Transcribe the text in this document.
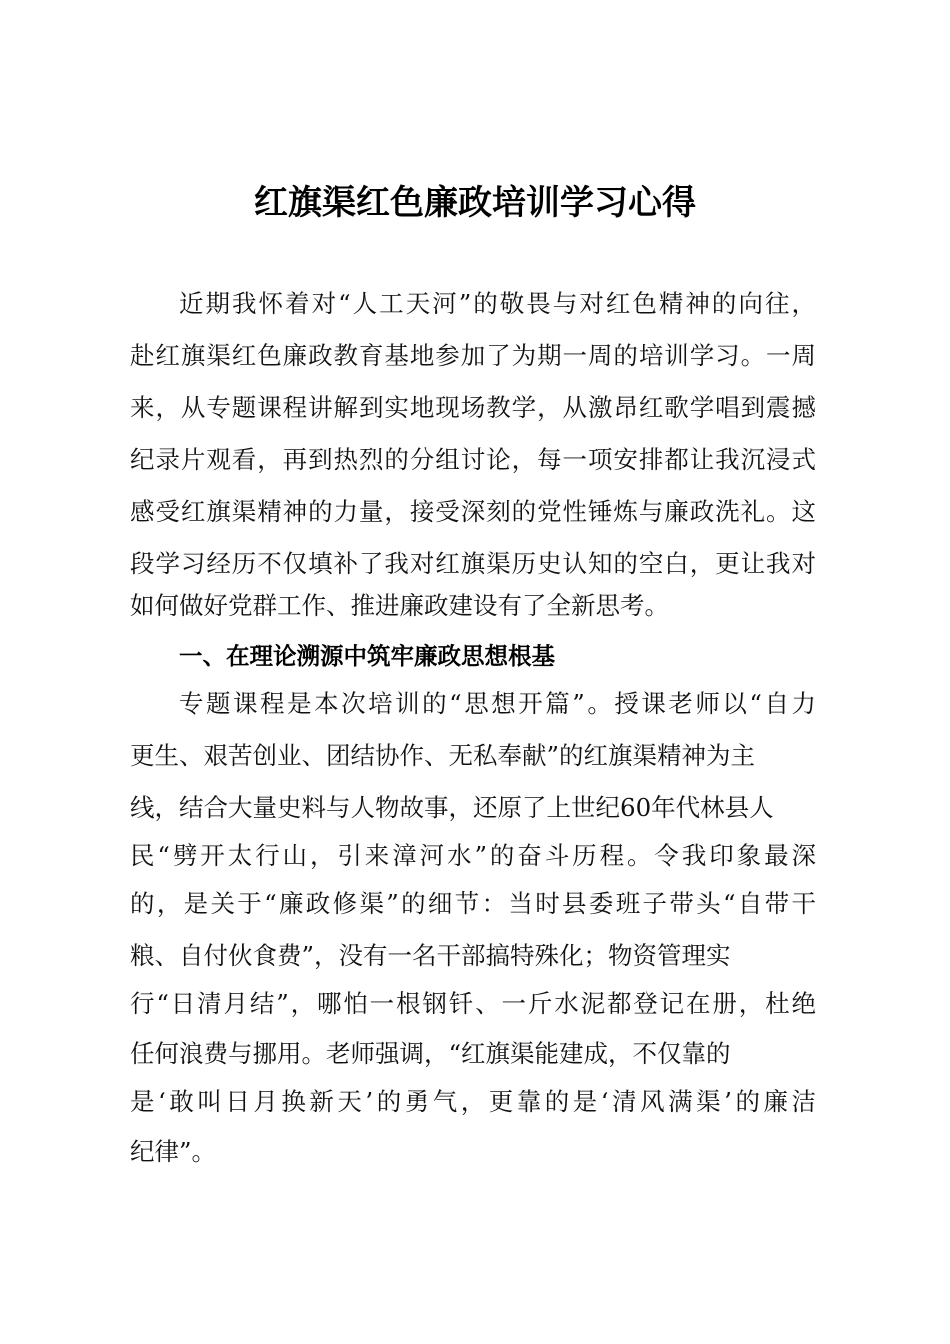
红旗渠红色廉政培训学习心得
近期我怀着对“人工天河”的敬畏与对红色精神的向往，
赴红旗渠红色廉政教育基地参加了为期一周的培训学习。一周
来，从专题课程讲解到实地现场教学，从激昂红歌学唱到震撼
纪录片观看，再到热烈的分组讨论，每一项安排都让我沉浸式
感受红旗渠精神的力量，接受深刻的党性锤炼与廉政洗礼。这
段学习经历不仅填补了我对红旗渠历史认知的空白，更让我对
如何做好党群工作、推进廉政建设有了全新思考。
一、在理论溯源中筑牢廉政思想根基
专题课程是本次培训的“思想开篇”。授课老师以“自力
更生、艰苦创业、团结协作、无私奉献”的红旗渠精神为主
线，结合大量史料与人物故事，还原了上世纪60年代林县人
民“劈开太行山，引来漳河水”的奋斗历程。令我印象最深
的，是关于“廉政修渠”的细节：当时县委班子带头“自带干
粮、自付伙食费”，没有一名干部搞特殊化；物资管理实
行“日清月结”，哪怕一根钢钎、一斤水泥都登记在册，杜绝
任何浪费与挪用。老师强调，“红旗渠能建成，不仅靠的
是‘敢叫日月换新天’的勇气，更靠的是‘清风满渠’的廉洁
纪律”。
